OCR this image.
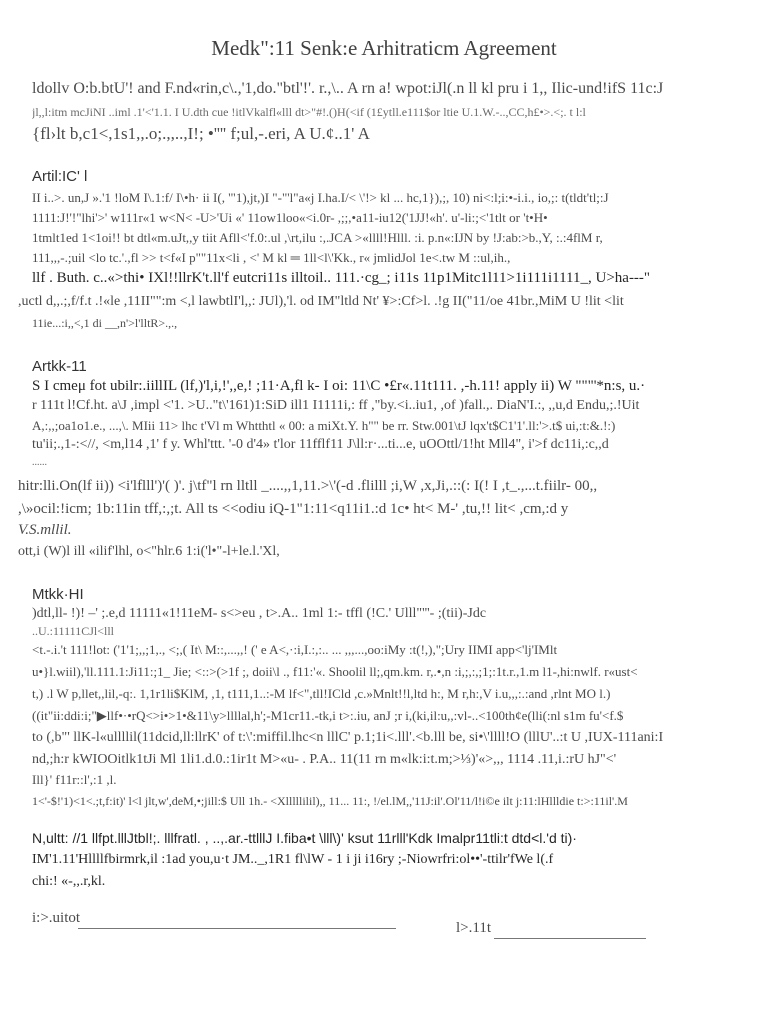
Medk":11 Senk:e Arhitraticm Agreement
ldollv O:b.btU'! and F.nd«rin,c\.,'1,do."btl'!'. r.,\.. A rn a! wpot:iJl(.n ll kl pru i 1,, Ilic-und!ifS 11c:J
jl,,l:itm mcJiNI ..iml .1'<'1.1. I U.dth cue !itlVkalfl«lll dt>"#!.()H(<if (1£ytll.e111$or ltie U.1.W.-..,CC,h£•>.<;. t l:l
{fl›lt b,c1<,1s1,,.o;.,,..,I!; •'''' f;ul,-.eri, A U.¢..1' A
Artil:IC' l
II i..>. un,J ».'1 !loM I\.1:f/ I\•h· ii I(, '"1),jt,)I "-"'l"a«j I.ha.I/< \'!> kl ... hc,1}),;, 10) ni<:l;i:•-i.i., io,;: t(tldt'tl;:J
1111:J!'!"lhi'>' w111r«1 w<N< -U>'Ui «' 11ow1loo«<i.0r- ,;;,•a11-iu12('1JJ!«h'. u'-li:;<'1tlt or 't•H•
1tmlt1ed 1<1oi!! bt dtl«m.uJt,,y tiit Afll<'f.0:.ul ,\rt,ilu :,.JCA >«llll!Hlll. :i. p.n«:IJN by !J:ab:>b.,Y, :.:4flM r,
111,,,-.;uil <lo tc.'.,fl >> t<f«I p""11x<li , <' M kl ═ 1ll<l\'Kk., r« jmlidJol 1e<.tw M ::ul,ih.,
llf . Buth. c..«>thi• IXl!!llrK't.ll'f eutcri11s illtoil.. 111.·cg_; i11s 11p1Mitc1l11>1i111i1111_, U>ha---"
,uctl d,,.;,f/f.t .!«le ,11II"":m <,l lawbtlI'l,,: JUl),'l. od IM"ltld Nt' ¥>:Cf>l. .!g II("11/oe 41br.,MiM U !lit <lit
11ie...:i,,<,1 di __,n'>l'lltR>.,.,
Artkk-11
S I cmeμ fot ubilr:.iillIL (lf,)'l,i,!',,e,! ;11·A,fl k- I oi: 11\C •£r«.11t111. ,-h.11! apply ii) W """'*n:s, u.·
r 111t l!Cf.ht. a\J ,impl <'1. >U.."t\'161)1:SiD ill1 I1111i,: ff ,"by.<i..iu1, ,of )fall.,. DiaN'I.:, ,,u,d Endu,;.!Uit
A,:,,;oa1o1.e., ...,\. MIii 11> lhc t'Vl m Whtthtl « 00: a miXt.Y. h"" be rr. Stw.001\tJ lqx't$C1'1'.ll:'>.t$ ui,:t:&.!:)
tu'ii;.,1-:<//, <m,l14 ,1' f y. Whl'ttt. '-0 d'4» t'lor 11fflf11 J\ll:r·...ti...e, uOOttl/1!ht Mll4", i'>f dc11i,:c,,d
......
hitr:lli.On(lf ii)) <i'lflll')'( )'. j\tf"l rn lltll _....,,1,11.>\'(-d .flilll ;i,W ,x,Ji,.::(: I(! I ,t_.,...t.fiilr- 00,,
,\»ocil:!icm; 1b:11in tff,:,;t. All ts <<odiu iQ-1"1:11<q11i1.:d 1c• ht< M-' ,tu,!! lit< ,cm,:d y
V.S.mllil.
ott,i (W)l ill «ilif'lhl, o<"hlr.6 1:i('l•"-l+le.l.'Xl,
Mtkk·HI
)dtl,ll- !)! –' ;.e,d 11111«1!11eM- s<>eu , t>.A.. 1ml 1:- tffl (!C.' Ulll"'''- ;(tii)-Jdc
..U.:11111CJl<lll
<t.-.i.'t 111!lot: ('1'1;,,;1,., <;,( It\ M::,...,,! (' e A<,·:i,I.:,:.. ... ,,,...,oo:iMy :t(!,),";Ury IIMI app<'lj'IMlt
u•}l.wiil),'ll.111.1:Ji11:;1_ Jie; <::>(>1f ;, doii\l ., f11:'«. Shoolil ll;,qm.km. r,.•,n :i,;,:,;1;:1t.r.,1.m l1-,hi:nwlf. r«ust<
t,) .l W p,llet,,lil,-q:. 1,1r1li$KlM, ,1, t111,1..:-M lf<",tll!ICld ,c.»Mnlt!!l,ltd h:, M r,h:,V i.u,,,:.:and ,rlnt MO l.)
((it"ii:ddi:i;"▶llf•·•rQ<>i•>1•&11\y>llllal,h';-M1cr11.-tk,i t>:.iu, anJ ;r i,(ki,il:u,,:vl-..<100th¢e(lli(:nl s1m fu'<f.$
to (,b"' llK-l«ullllil(11dcid,ll:llrK' of t:\':miffil.lhc<n lllC' p.1;1i<.lll'.<b.lll be, si•\'llll!O (lllU'..:t U ,IUX-111ani:I
nd,;h:r kWIOOitlk1tJi Ml 1li1.d.0.:1ir1t M>«u- . P.A.. 11(11 rn m«lk:i:t.m;>⅓)'«>,,, 1114 .11,i.:rU hJ"<'
Ill}' f11r::l',:1 ,l.
1<'-$!'1)<1<.;t,f:it)' l<l jlt,w',deM,•;jill:$ Ull 1h.- <Xlllllilil),, 11... 11:, !/el.lM,,'11J:il'.Ol'11/l!i©e ilt j:11:lHllldie t:>:11il'.M
N,ultt: //1 llfpt.lllJtbl!;. lllfratl. , ..,.ar.-ttlllJ I.fiba•t \lll\)' ksut 11rlll'Kdk Imalpr11tli:t dtd<l.'d ti)·
IM'1.11'Hllllfbirmrk,il :1ad you,u·t JM.._,1R1 fl\lW - 1 i ji i16ry ;-Niowrfri:ol••'-ttilr'fWe l(.f
chi:! «-,,.r,kl.
i:>.uitot
l>.11t
